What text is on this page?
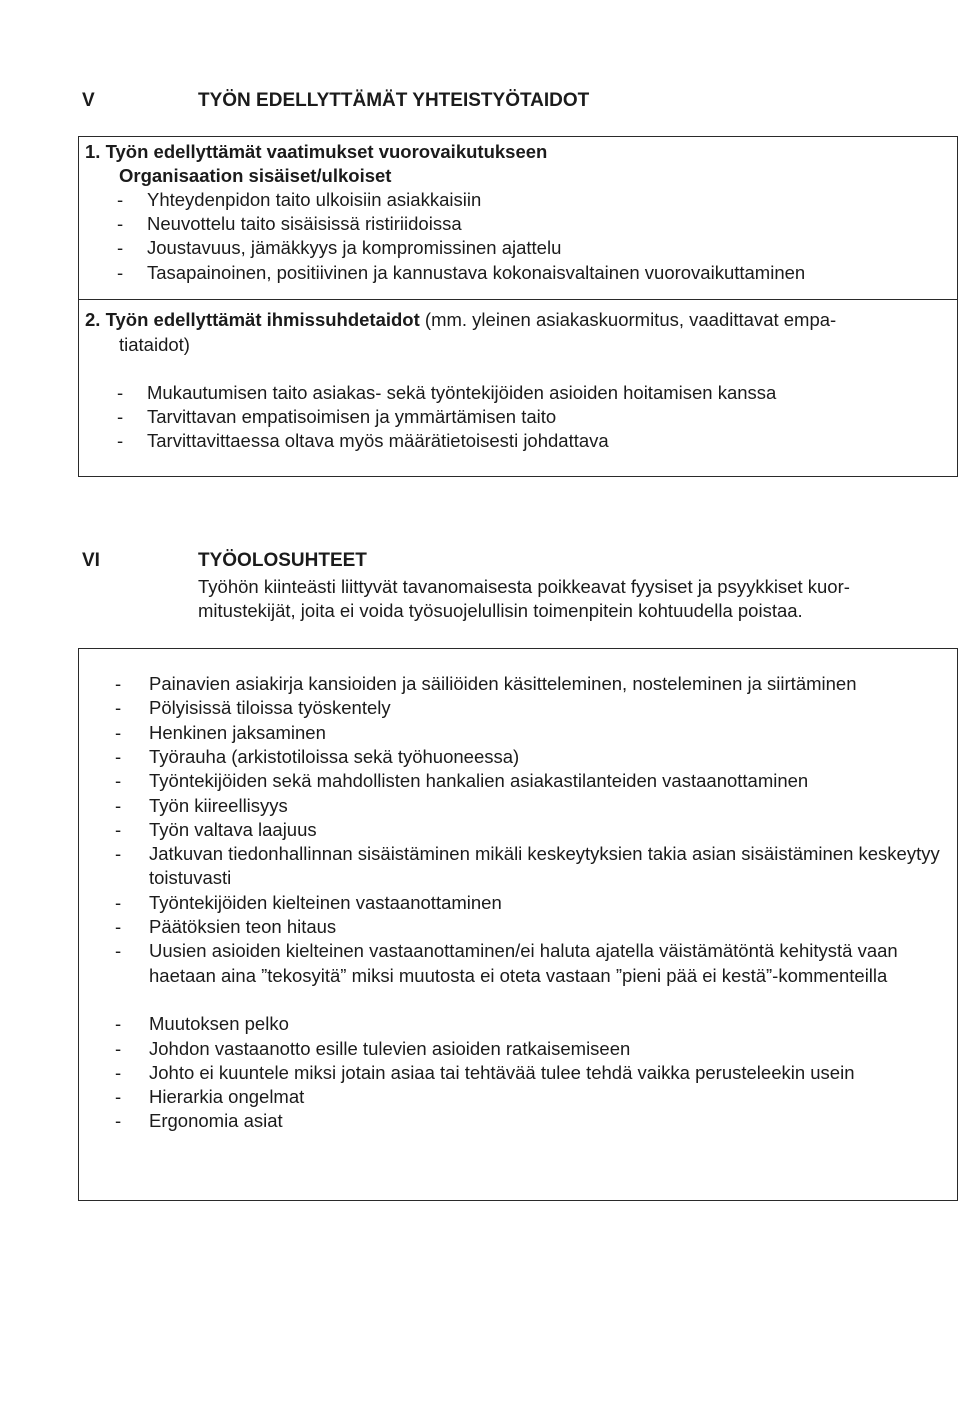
V	TYÖN EDELLYTTÄMÄT YHTEISTYÖTAIDOT
1. Työn edellyttämät vaatimukset vuorovaikutukseen
Organisaation sisäiset/ulkoiset
- Yhteydenpidon taito ulkoisiin asiakkaisiin
- Neuvottelu taito sisäisissä ristiriidoissa
- Joustavuus, jämäkkyys ja kompromissinen ajattelu
- Tasapainoinen, positiivinen ja kannustava kokonaisvaltainen vuorovaikuttaminen
2. Työn edellyttämät ihmissuhdetaidot (mm. yleinen asiakaskuormitus, vaadittavat empa-
tiataidot)
- Mukautumisen taito asiakas- sekä työntekijöiden asioiden hoitamisen kanssa
- Tarvittavan empatisoimisen ja ymmärtämisen taito
- Tarvittavittaessa oltava myös määrätietoisesti johdattava
VI	TYÖOLOSUHTEET
Työhön kiinteästi liittyvät tavanomaisesta poikkeavat fyysiset ja psyykkiset kuor-
mitustekijät, joita ei voida työsuojelullisin toimenpitein kohtuudella poistaa.
- Painavien asiakirja kansioiden ja säiliöiden käsitteleminen, nosteleminen ja siirtäminen
- Pölyisissä tiloissa työskentely
- Henkinen jaksaminen
- Työrauha (arkistotiloissa sekä työhuoneessa)
- Työntekijöiden sekä mahdollisten hankalien asiakastilanteiden vastaanottaminen
- Työn kiireellisyys
- Työn valtava laajuus
- Jatkuvan tiedonhallinnan sisäistäminen mikäli keskeytyksien takia asian sisäistäminen keskeytyy toistuvasti
- Työntekijöiden kielteinen vastaanottaminen
- Päätöksien teon hitaus
- Uusien asioiden kielteinen vastaanottaminen/ei haluta ajatella väistämätöntä kehitystä vaan haetaan aina ”tekosyitä” miksi muutosta ei oteta vastaan ”pieni pää ei kestä”-kommenteilla
- Muutoksen pelko
- Johdon vastaanotto esille tulevien asioiden ratkaisemiseen
- Johto ei kuuntele miksi jotain asiaa tai tehtävää tulee tehdä vaikka perusteleekin usein
- Hierarkia ongelmat
- Ergonomia asiat
